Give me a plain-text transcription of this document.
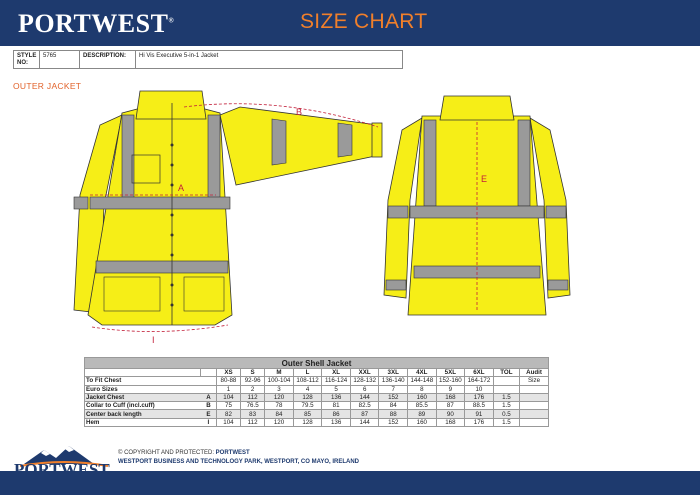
PORTWEST®	SIZE CHART
STYLE NO:
5765	DESCRIPTION:	Hi Vis Executive 5-in-1 Jacket
OUTER JACKET
A
B
I
E
Outer Shell Jacket													
		XS	S	M	L	XL	XXL	3XL	4XL	5XL	6XL	TOL	Audit
To Fit Chest		80-88	92-96	100-104	108-112	116-124	128-132	136-140	144-148	152-160	164-172		Size
Euro Sizes		1	2	3	4	5	6	7	8	9	10		
Jacket Chest	A	104	112	120	128	136	144	152	160	168	176	1.5	
Collar to Cuff (incl.cuff)	B	75	76.5	78	79.5	81	82.5	84	85.5	87	88.5	1.5	
Center back length	E	82	83	84	85	86	87	88	89	90	91	0.5	
Hem	I	104	112	120	128	136	144	152	160	168	176	1.5	
PORTWEST
© COPYRIGHT AND PROTECTED: PORTWEST
WESTPORT BUSINESS AND TECHNOLOGY PARK, WESTPORT, CO MAYO, IRELAND
